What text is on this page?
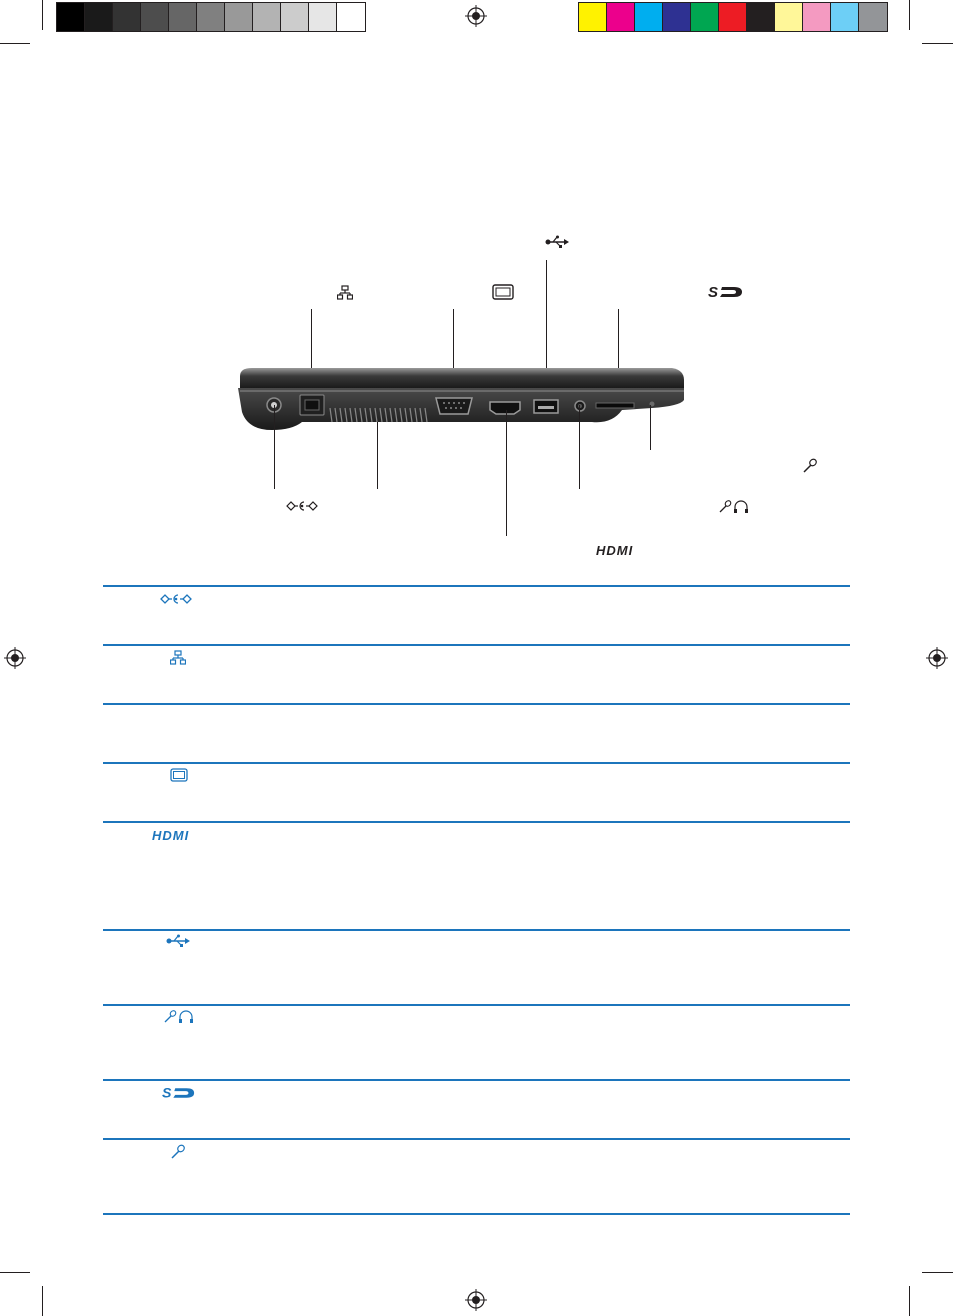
S
HDMI
HDMI
S
